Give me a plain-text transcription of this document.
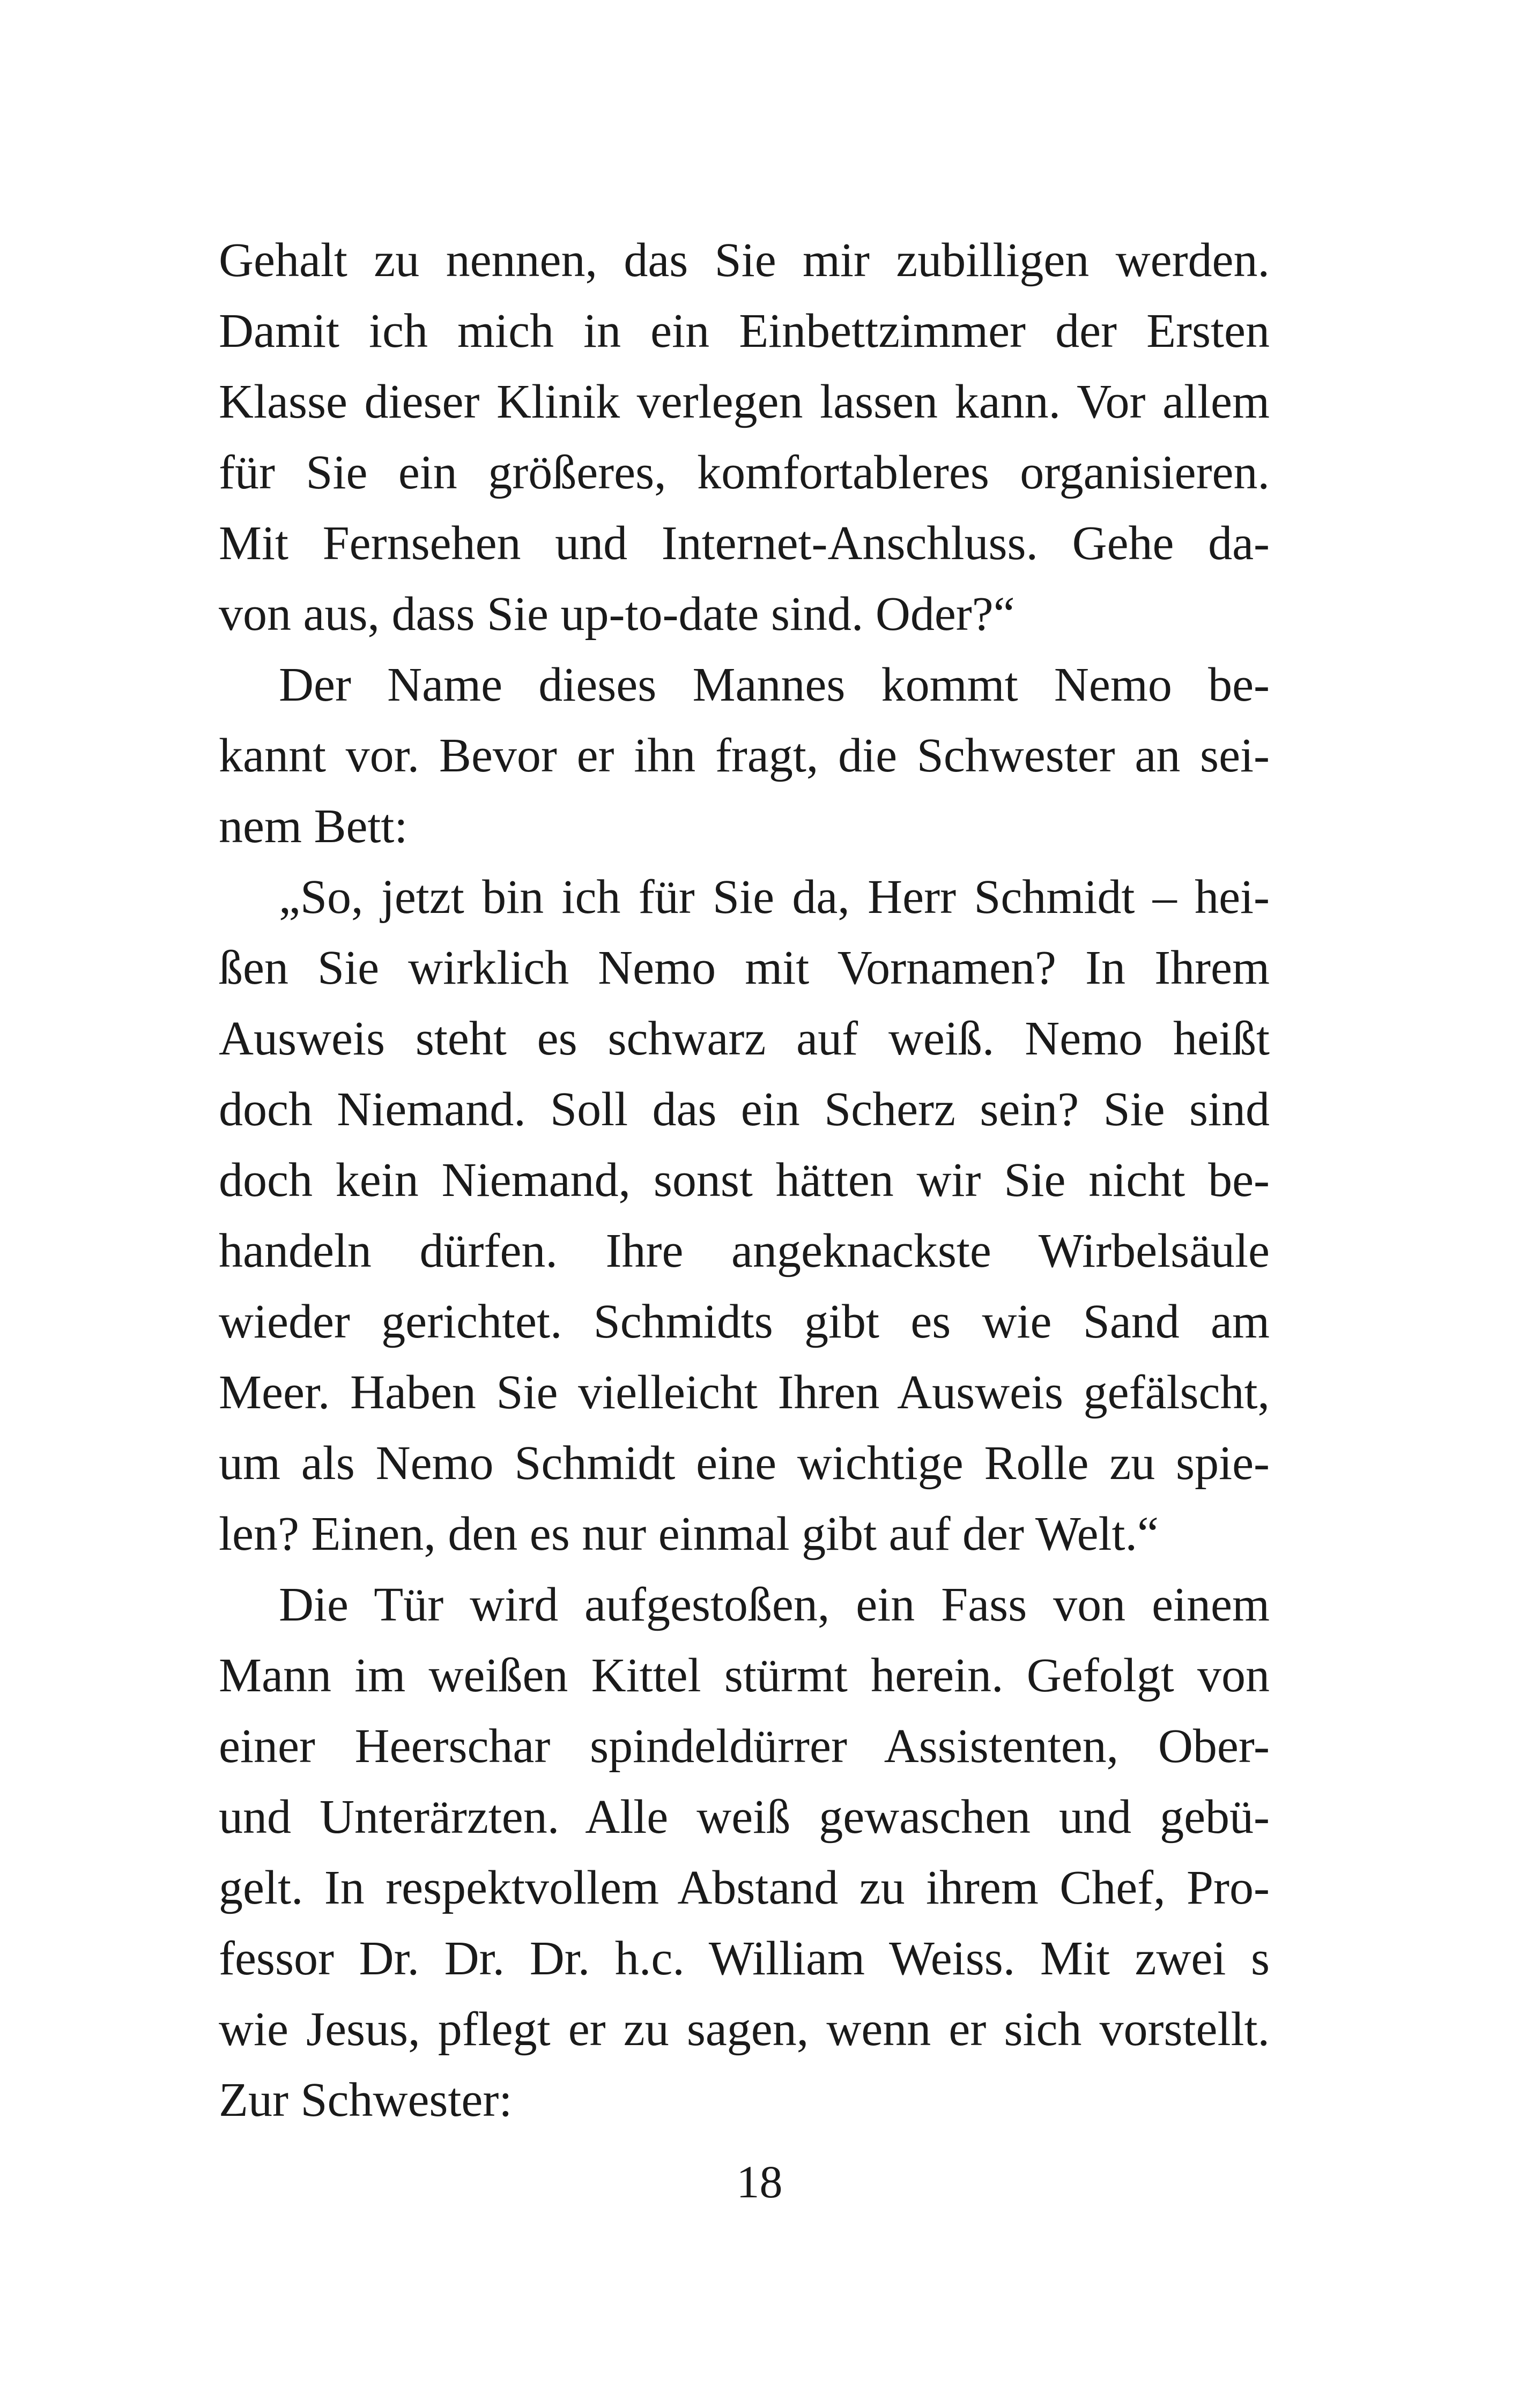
Gehalt zu nennen, das Sie mir zubilligen werden.
Damit ich mich in ein Einbettzimmer der Ersten
Klasse dieser Klinik verlegen lassen kann. Vor allem
für Sie ein größeres, komfortableres organisieren.
Mit Fernsehen und Internet-Anschluss. Gehe da-
von aus, dass Sie up-to-date sind. Oder?“
Der Name dieses Mannes kommt Nemo be-
kannt vor. Bevor er ihn fragt, die Schwester an sei-
nem Bett:
„So, jetzt bin ich für Sie da, Herr Schmidt – hei-
ßen Sie wirklich Nemo mit Vornamen? In Ihrem
Ausweis steht es schwarz auf weiß. Nemo heißt
doch Niemand. Soll das ein Scherz sein? Sie sind
doch kein Niemand, sonst hätten wir Sie nicht be-
handeln dürfen. Ihre angeknackste Wirbelsäule
wieder gerichtet. Schmidts gibt es wie Sand am
Meer. Haben Sie vielleicht Ihren Ausweis gefälscht,
um als Nemo Schmidt eine wichtige Rolle zu spie-
len? Einen, den es nur einmal gibt auf der Welt.“
Die Tür wird aufgestoßen, ein Fass von einem
Mann im weißen Kittel stürmt herein. Gefolgt von
einer Heerschar spindeldürrer Assistenten, Ober-
und Unterärzten. Alle weiß gewaschen und gebü-
gelt. In respektvollem Abstand zu ihrem Chef, Pro-
fessor Dr. Dr. Dr. h.c. William Weiss. Mit zwei s
wie Jesus, pflegt er zu sagen, wenn er sich vorstellt.
Zur Schwester:
18
